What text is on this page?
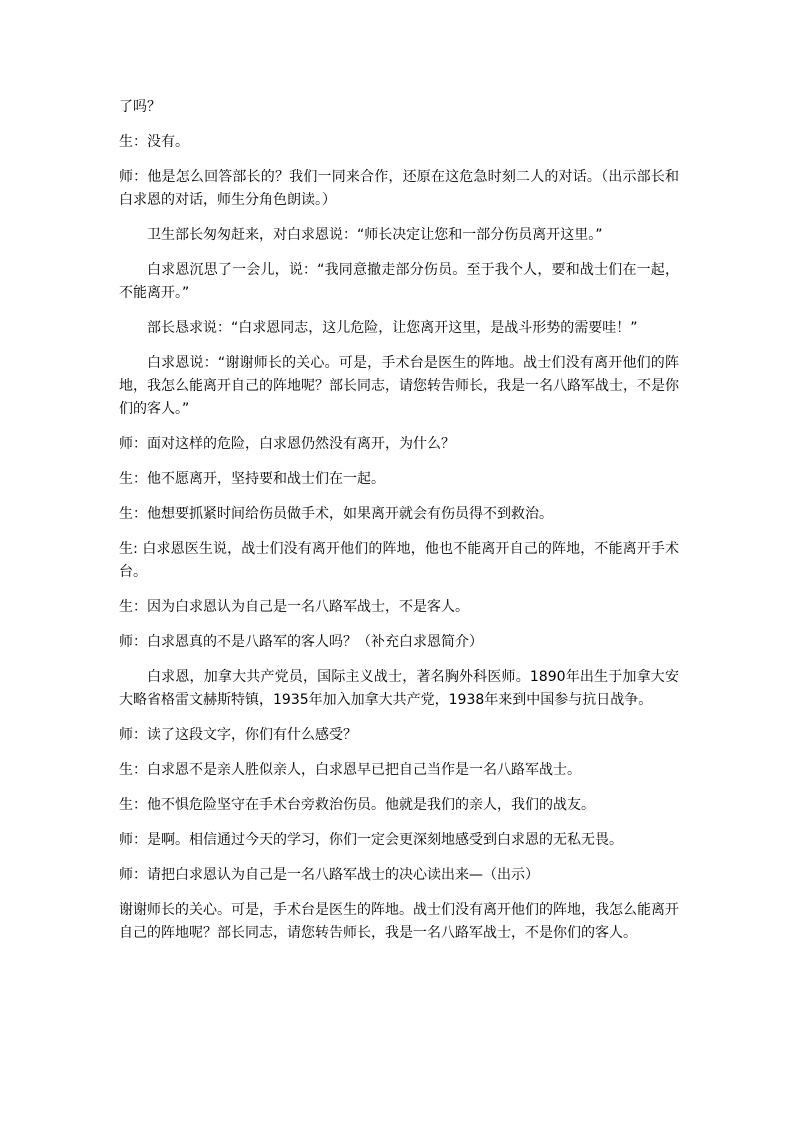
了吗？

生：没有。

师：他是怎么回答部长的？我们一同来合作，还原在这危急时刻二人的对话。（出示部长和白求恩的对话，师生分角色朗读。）

卫生部长匆匆赶来，对白求恩说：“师长决定让您和一部分伤员离开这里。”

白求恩沉思了一会儿，说：“我同意撤走部分伤员。至于我个人，要和战士们在一起，不能离开。”

部长恳求说：“白求恩同志，这儿危险，让您离开这里，是战斗形势的需要哇！”

白求恩说：“谢谢师长的关心。可是，手术台是医生的阵地。战士们没有离开他们的阵地，我怎么能离开自己的阵地呢？部长同志，请您转告师长，我是一名八路军战士，不是你们的客人。”

师：面对这样的危险，白求恩仍然没有离开，为什么？

生：他不愿离开，坚持要和战士们在一起。

生：他想要抓紧时间给伤员做手术，如果离开就会有伤员得不到救治。

生: 白求恩医生说，战士们没有离开他们的阵地，他也不能离开自己的阵地，不能离开手术台。

生：因为白求恩认为自己是一名八路军战士，不是客人。

师：白求恩真的不是八路军的客人吗？（补充白求恩简介）

白求恩，加拿大共产党员，国际主义战士，著名胸外科医师。1890年出生于加拿大安大略省格雷文赫斯特镇，1935年加入加拿大共产党，1938年来到中国参与抗日战争。

师：读了这段文字，你们有什么感受？

生：白求恩不是亲人胜似亲人，白求恩早已把自己当作是一名八路军战士。

生：他不惧危险坚守在手术台旁救治伤员。他就是我们的亲人，我们的战友。

师：是啊。相信通过今天的学习，你们一定会更深刻地感受到白求恩的无私无畏。

师：请把白求恩认为自己是一名八路军战士的决心读出来—（出示）

谢谢师长的关心。可是，手术台是医生的阵地。战士们没有离开他们的阵地，我怎么能离开自己的阵地呢？部长同志，请您转告师长，我是一名八路军战士，不是你们的客人。
